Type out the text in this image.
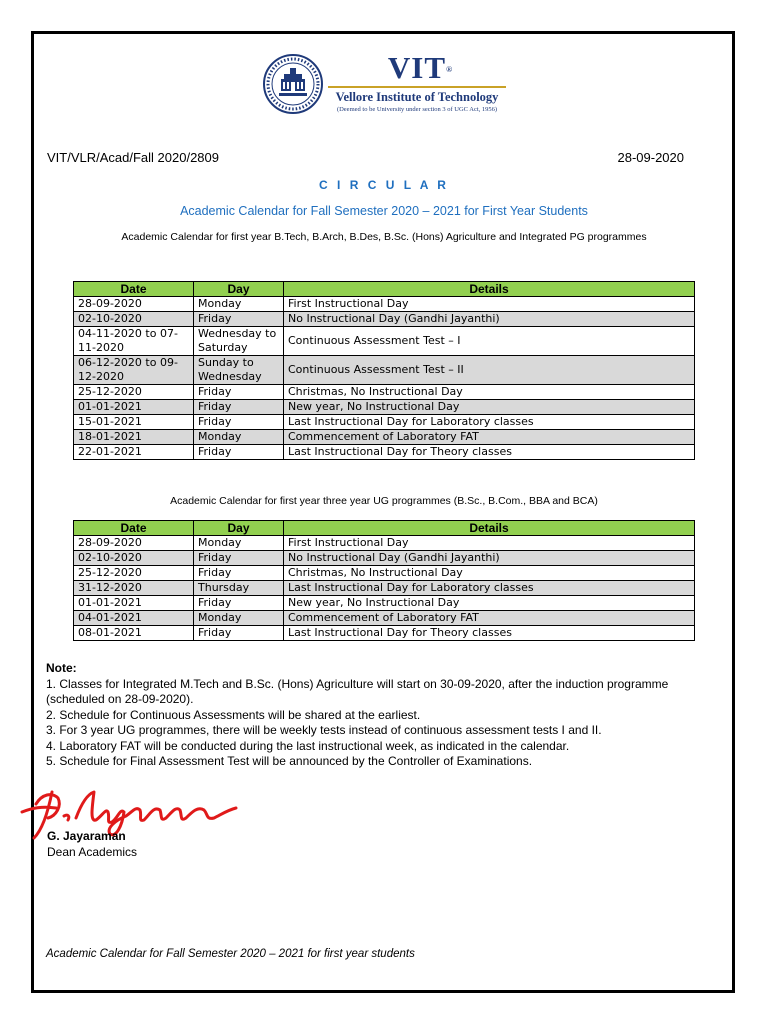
VIT ®
Vellore Institute of Technology
(Deemed to be University under section 3 of UGC Act, 1956)
VIT/VLR/Acad/Fall 2020/2809	28-09-2020
C I R C U L A R
Academic Calendar for Fall Semester 2020 – 2021 for First Year Students
Academic Calendar for first year B.Tech, B.Arch, B.Des, B.Sc. (Hons) Agriculture and Integrated PG programmes
Date	Day	Details
28-09-2020	Monday	First Instructional Day
02-10-2020	Friday	No Instructional Day (Gandhi Jayanthi)
04-11-2020 to 07-11-2020	Wednesday to Saturday	Continuous Assessment Test – I
06-12-2020 to 09-12-2020	Sunday to Wednesday	Continuous Assessment Test – II
25-12-2020	Friday	Christmas, No Instructional Day
01-01-2021	Friday	New year, No Instructional Day
15-01-2021	Friday	Last Instructional Day for Laboratory classes
18-01-2021	Monday	Commencement of Laboratory FAT
22-01-2021	Friday	Last Instructional Day for Theory classes
Academic Calendar for first year three year UG programmes (B.Sc., B.Com., BBA and BCA)
Date	Day	Details
28-09-2020	Monday	First Instructional Day
02-10-2020	Friday	No Instructional Day (Gandhi Jayanthi)
25-12-2020	Friday	Christmas, No Instructional Day
31-12-2020	Thursday	Last Instructional Day for Laboratory classes
01-01-2021	Friday	New year, No Instructional Day
04-01-2021	Monday	Commencement of Laboratory FAT
08-01-2021	Friday	Last Instructional Day for Theory classes
Note:
1. Classes for Integrated M.Tech and B.Sc. (Hons) Agriculture will start on 30-09-2020, after the induction programme (scheduled on 28-09-2020).
2. Schedule for Continuous Assessments will be shared at the earliest.
3. For 3 year UG programmes, there will be weekly tests instead of continuous assessment tests I and II.
4. Laboratory FAT will be conducted during the last instructional week, as indicated in the calendar.
5. Schedule for Final Assessment Test will be announced by the Controller of Examinations.
G. Jayaraman
Dean Academics
Academic Calendar for Fall Semester 2020 – 2021 for first year students
